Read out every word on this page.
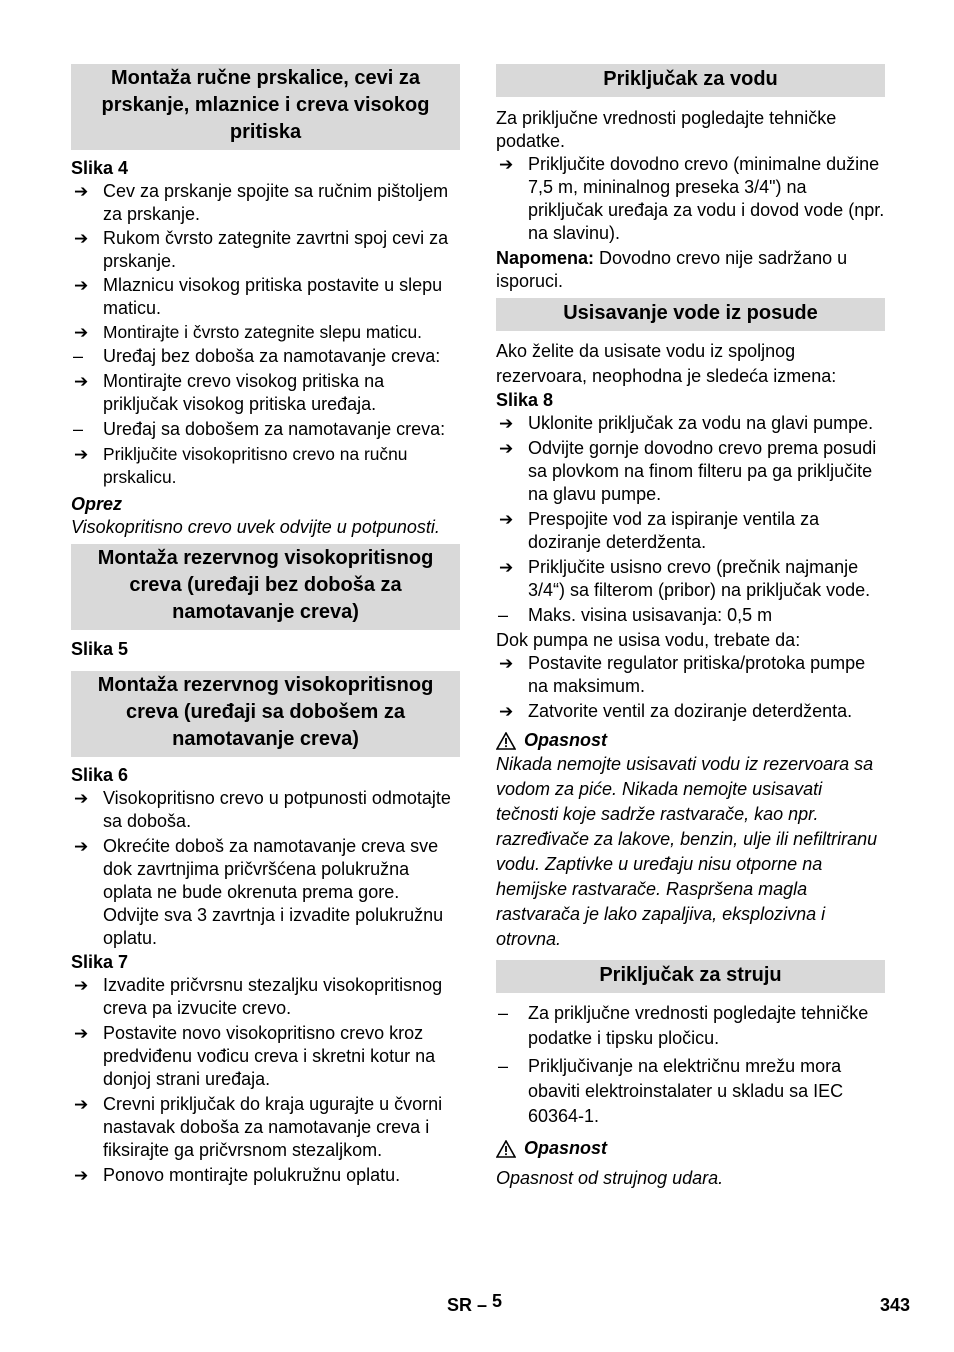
Montaža ručne prskalice, cevi za prskanje, mlaznice i creva visokog pritiska
Slika 4
➔ Cev za prskanje spojite sa ručnim pištoljem za prskanje.
➔ Rukom čvrsto zategnite zavrtni spoj cevi za prskanje.
➔ Mlaznicu visokog pritiska postavite u slepu maticu.
➔ Montirajte i čvrsto zategnite slepu maticu.
– Uređaj bez doboša za namotavanje creva:
➔ Montirajte crevo visokog pritiska na priključak visokog pritiska uređaja.
– Uređaj sa dobošem za namotavanje creva:
➔ Priključite visokopritisno crevo na ručnu prskalicu.
Oprez
Visokopritisno crevo uvek odvijte u potpunosti.
Montaža rezervnog visokopritisnog creva (uređaji bez doboša za namotavanje creva)
Slika 5
Montaža rezervnog visokopritisnog creva (uređaji sa dobošem za namotavanje creva)
Slika 6
➔ Visokopritisno crevo u potpunosti odmotajte sa doboša.
➔ Okrećite doboš za namotavanje creva sve dok zavrtnjima pričvršćena polukružna oplata ne bude okrenuta prema gore. Odvijte sva 3 zavrtnja i izvadite polukružnu oplatu.
Slika 7
➔ Izvadite pričvrsnu stezaljku visokopritisnog creva pa izvucite crevo.
➔ Postavite novo visokopritisno crevo kroz predviđenu vođicu creva i skretni kotur na donjoj strani uređaja.
➔ Crevni priključak do kraja ugurajte u čvorni nastavak doboša za namotavanje creva i fiksirajte ga pričvrsnom stezaljkom.
➔ Ponovo montirajte polukružnu oplatu.
Priključak za vodu
Za priključne vrednosti pogledajte tehničke podatke.
➔ Priključite dovodno crevo (minimalne dužine 7,5 m, mininalnog preseka 3/4") na priključak uređaja za vodu i dovod vode (npr. na slavinu).
Napomena: Dovodno crevo nije sadržano u isporuci.
Usisavanje vode iz posude
Ako želite da usisate vodu iz spoljnog rezervoara, neophodna je sledeća izmena:
Slika 8
➔ Uklonite priključak za vodu na glavi pumpe.
➔ Odvijte gornje dovodno crevo prema posudi sa plovkom na finom filteru pa ga priključite na glavu pumpe.
➔ Prespojite vod za ispiranje ventila za doziranje deterdženta.
➔ Priključite usisno crevo (prečnik najmanje 3/4“) sa filterom (pribor) na priključak vode.
– Maks. visina usisavanja: 0,5 m
Dok pumpa ne usisa vodu, trebate da:
➔ Postavite regulator pritiska/protoka pumpe na maksimum.
➔ Zatvorite ventil za doziranje deterdženta.
Opasnost
Nikada nemojte usisavati vodu iz rezervoara sa vodom za piće. Nikada nemojte usisavati tečnosti koje sadrže rastvarače, kao npr. razređivače za lakove, benzin, ulje ili nefiltriranu vodu. Zaptivke u uređaju nisu otporne na hemijske rastvarače. Raspršena magla rastvarača je lako zapaljiva, eksplozivna i otrovna.
Priključak za struju
– Za priključne vrednosti pogledajte tehničke podatke i tipsku pločicu.
– Priključivanje na električnu mrežu mora obaviti elektroinstalater u skladu sa IEC 60364-1.
Opasnost
Opasnost od strujnog udara.
SR – 5	343
